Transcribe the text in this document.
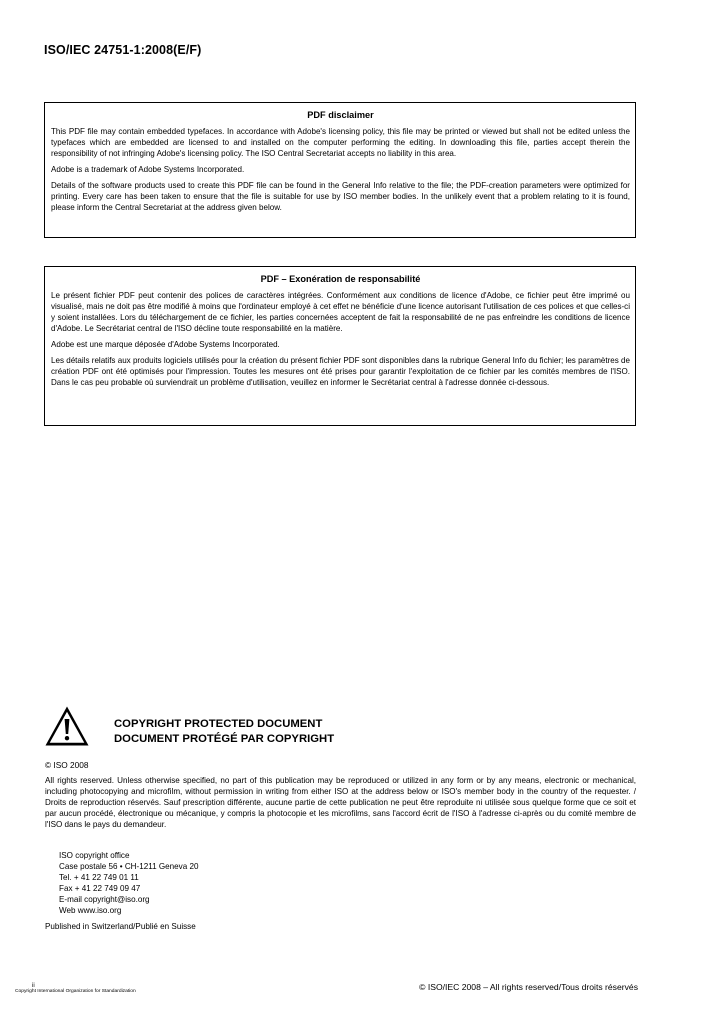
ISO/IEC 24751-1:2008(E/F)
PDF disclaimer

This PDF file may contain embedded typefaces. In accordance with Adobe's licensing policy, this file may be printed or viewed but shall not be edited unless the typefaces which are embedded are licensed to and installed on the computer performing the editing. In downloading this file, parties accept therein the responsibility of not infringing Adobe's licensing policy. The ISO Central Secretariat accepts no liability in this area.

Adobe is a trademark of Adobe Systems Incorporated.

Details of the software products used to create this PDF file can be found in the General Info relative to the file; the PDF-creation parameters were optimized for printing. Every care has been taken to ensure that the file is suitable for use by ISO member bodies. In the unlikely event that a problem relating to it is found, please inform the Central Secretariat at the address given below.

PDF – Exonération de responsabilité

Le présent fichier PDF peut contenir des polices de caractères intégrées. Conformément aux conditions de licence d'Adobe, ce fichier peut être imprimé ou visualisé, mais ne doit pas être modifié à moins que l'ordinateur employé à cet effet ne bénéficie d'une licence autorisant l'utilisation de ces polices et que celles-ci y soient installées. Lors du téléchargement de ce fichier, les parties concernées acceptent de fait la responsabilité de ne pas enfreindre les conditions de licence d'Adobe. Le Secrétariat central de l'ISO décline toute responsabilité en la matière.

Adobe est une marque déposée d'Adobe Systems Incorporated.

Les détails relatifs aux produits logiciels utilisés pour la création du présent fichier PDF sont disponibles dans la rubrique General Info du fichier; les paramètres de création PDF ont été optimisés pour l'impression. Toutes les mesures ont été prises pour garantir l'exploitation de ce fichier par les comités membres de l'ISO. Dans le cas peu probable où surviendrait un problème d'utilisation, veuillez en informer le Secrétariat central à l'adresse donnée ci-dessous.

COPYRIGHT PROTECTED DOCUMENT
DOCUMENT PROTÉGÉ PAR COPYRIGHT
© ISO 2008

All rights reserved. Unless otherwise specified, no part of this publication may be reproduced or utilized in any form or by any means, electronic or mechanical, including photocopying and microfilm, without permission in writing from either ISO at the address below or ISO's member body in the country of the requester. / Droits de reproduction réservés. Sauf prescription différente, aucune partie de cette publication ne peut être reproduite ni utilisée sous quelque forme que ce soit et par aucun procédé, électronique ou mécanique, y compris la photocopie et les microfilms, sans l'accord écrit de l'ISO à l'adresse ci-après ou du comité membre de l'ISO dans le pays du demandeur.

ISO copyright office
Case postale 56 • CH-1211 Geneva 20
Tel. + 41 22 749 01 11
Fax + 41 22 749 09 47
E-mail copyright@iso.org
Web www.iso.org
Published in Switzerland/Publié en Suisse
ii
Copyright International Organization for Standardization	© ISO/IEC 2008 – All rights reserved/Tous droits réservés
